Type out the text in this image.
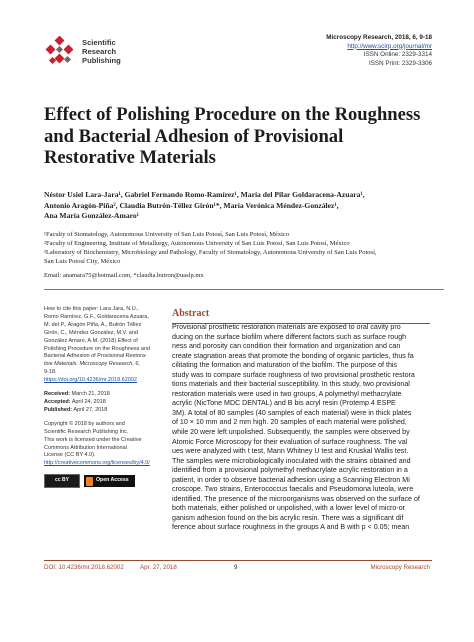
Scientific
Research
Publishing
Microscopy Research, 2018, 6, 9-18
http://www.scirp.org/journal/mr
ISSN Online: 2329-3314
ISSN Print: 2329-3306
Effect of Polishing Procedure on the Roughness
and Bacterial Adhesion of Provisional
Restorative Materials
Néstor Usiel Lara-Jara¹, Gabriel Fernando Romo-Ramírez¹, María del Pilar Goldaracena-Azuara¹,
Antonio Aragón-Piña², Claudia Butrón-Téllez Girón¹*, María Verónica Méndez-González¹,
Ana María González-Amaro¹
¹Faculty of Stomatology, Autonomous University of San Luis Potosí, San Luis Potosí, México
²Faculty of Engineering, Institute of Metallurgy, Autonomous University of San Luis Potosí, San Luis Potosí, México
³Laboratory of Biochemistry, Microbiology and Pathology, Faculty of Stomatology, Autonomous University of San Luis Potosí,
San Luis Potosí City, México
Email: anamara75@hotmail.com, *claudia.butron@uaslp.mx
How to cite this paper: Lara Jara, N.U.,
Romo Ramírez, G.F., Goldaracena Azuara,
M. del P., Aragón Piña, A., Butrón Téllez
Girón, C., Méndez González, M.V. and
González Amaro, A.M. (2018) Effect of
Polishing Procedure on the Roughness and
Bacterial Adhesion of Provisional Restora-
tive Materials. Microscopy Research, 6,
9-18.
https://doi.org/10.4236/mr.2018.62002
Received: March 21, 2018
Accepted: April 24, 2018
Published: April 27, 2018
Copyright © 2018 by authors and
Scientific Research Publishing Inc.
This work is licensed under the Creative
Commons Attribution International
License (CC BY 4.0).
http://creativecommons.org/licenses/by/4.0/
cc BY	Open Access
Abstract
Provisional prosthetic restoration materials are exposed to oral cavity pro
ducing on the surface biofilm where different factors such as surface rough
ness and porosity can condition their formation and organization and can
create stagnation areas that promote the bonding of organic particles, thus fa
cilitating the formation and maturation of the biofilm. The purpose of this
study was to compare surface roughness of two provisional prosthetic restora
tions materials and their bacterial susceptibility. In this study, two provisional
restoration materials were used in two groups, A polymethyl methacrylate
acrylic (NicTone MDC DENTAL) and B bis acryl resin (Protemp 4 ESPE
3M). A total of 80 samples (40 samples of each material) were in thick plates
of 10 × 10 mm and 2 mm high. 20 samples of each material were polished,
while 20 were left unpolished. Subsequently, the samples were observed by
Atomic Force Microscopy for their evaluation of surface roughness. The val
ues were analyzed with t test, Mann Whitney U test and Kruskal Wallis test.
The samples were microbiologically inoculated with the strains obtained and
identified from a provisional polymethyl methacrylate acrylic restoration in a
patient, in order to observe bacterial adhesion using a Scanning Electron Mi
croscope. Two strains, Enterococcus faecalis and Pseudomona luteola, were
identified. The presence of the microorganisms was observed on the surface of
both materials, either polished or unpolished, with a lower level of micro-or
ganism adhesion found on the bis acrylic resin. There was a significant dif
ference about surface roughness in the groups A and B with p < 0.05; mean
DOI: 10.4236/mr.2018.62002	Apr. 27, 2018	9	Microscopy Research
